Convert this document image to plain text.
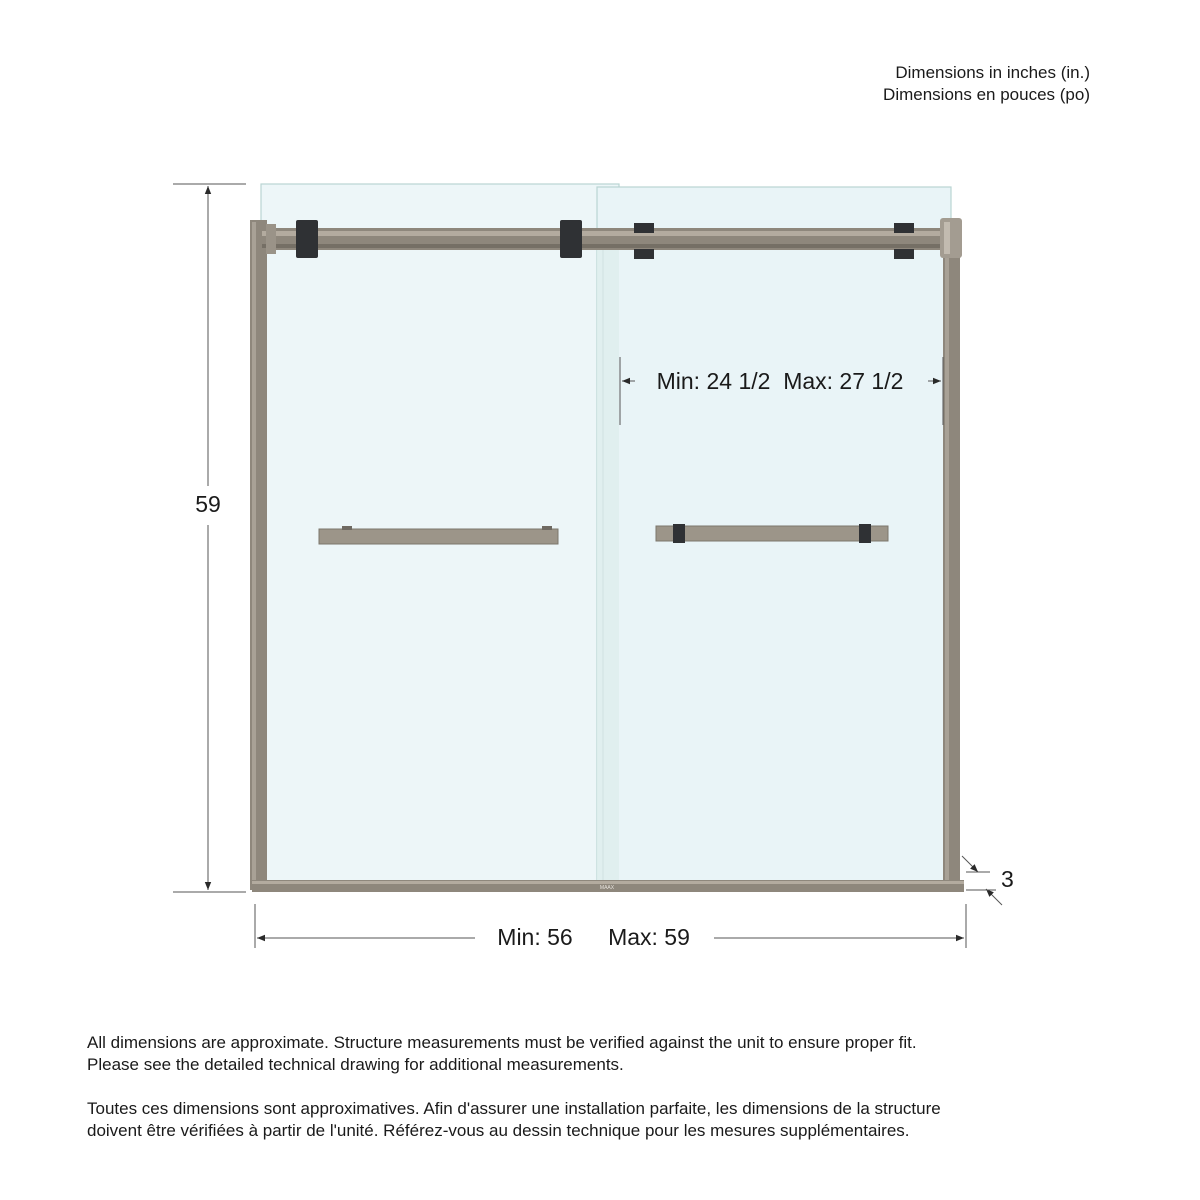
Dimensions in inches (in.)
Dimensions en pouces (po)
MAAX
59
Min: 24 1/2  Max: 27 1/2
Min: 56 Max: 59
3

All dimensions are approximate. Structure measurements must be verified against the unit to ensure proper fit.
Please see the detailed technical drawing for additional measurements.

Toutes ces dimensions sont approximatives. Afin d'assurer une installation parfaite, les dimensions de la structure
doivent être vérifiées à partir de l'unité. Référez-vous au dessin technique pour les mesures supplémentaires.
